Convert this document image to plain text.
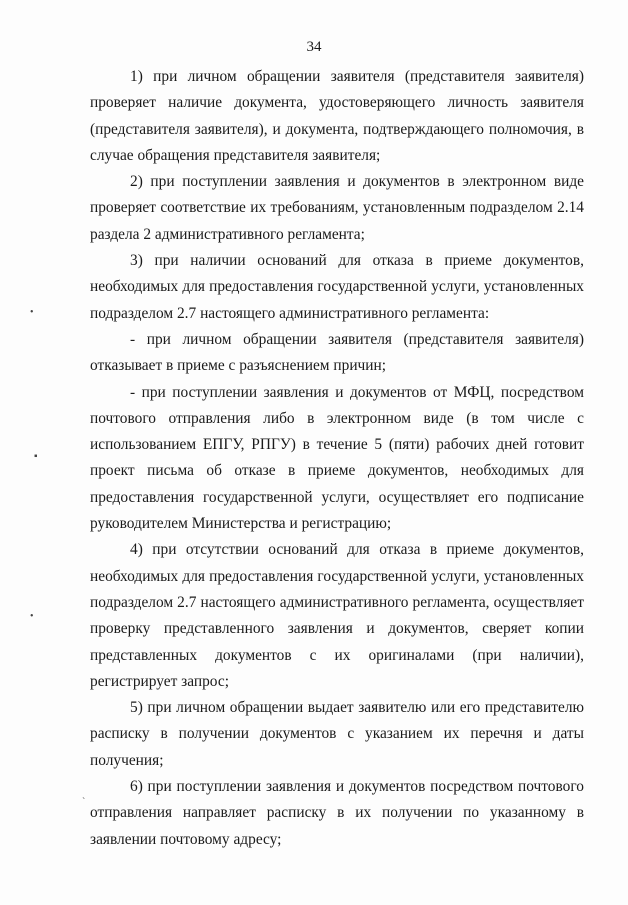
34

1) при личном обращении заявителя (представителя заявителя) проверяет наличие документа, удостоверяющего личность заявителя (представителя заявителя), и документа, подтверждающего полномочия, в случае обращения представителя заявителя;

2) при поступлении заявления и документов в электронном виде проверяет соответствие их требованиям, установленным подразделом 2.14 раздела 2 административного регламента;

3) при наличии оснований для отказа в приеме документов, необходимых для предоставления государственной услуги, установленных подразделом 2.7 настоящего административного регламента:

- при личном обращении заявителя (представителя заявителя) отказывает в приеме с разъяснением причин;

- при поступлении заявления и документов от МФЦ, посредством почтового отправления либо в электронном виде (в том числе с использованием ЕПГУ, РПГУ) в течение 5 (пяти) рабочих дней готовит проект письма об отказе в приеме документов, необходимых для предоставления государственной услуги, осуществляет его подписание руководителем Министерства и регистрацию;

4) при отсутствии оснований для отказа в приеме документов, необходимых для предоставления государственной услуги, установленных подразделом 2.7 настоящего административного регламента, осуществляет проверку представленного заявления и документов, сверяет копии представленных документов с их оригиналами (при наличии), регистрирует запрос;

5) при личном обращении выдает заявителю или его представителю расписку в получении документов с указанием их перечня и даты получения;

6) при поступлении заявления и документов посредством почтового отправления направляет расписку в их получении по указанному в заявлении почтовому адресу;

•
▪
•
`
